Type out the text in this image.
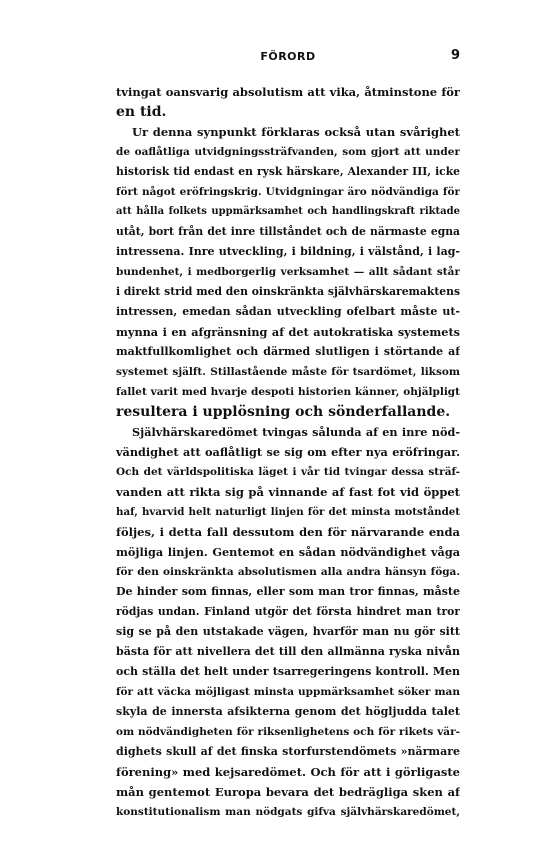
FÖRORD	9
tvingat oansvarig absolutism att vika, åtminstone för
en tid.
Ur denna synpunkt förklaras också utan svårighet
de oaflåtliga utvidgningssträfvanden, som gjort att under
historisk tid endast en rysk härskare, Alexander III, icke
fört något eröfringskrig. Utvidgningar äro nödvändiga för
att hålla folkets uppmärksamhet och handlingskraft riktade
utåt, bort från det inre tillståndet och de närmaste egna
intressena. Inre utveckling, i bildning, i välstånd, i lag-
bundenhet, i medborgerlig verksamhet — allt sådant står
i direkt strid med den oinskränkta självhärskaremaktens
intressen, emedan sådan utveckling ofelbart måste ut-
mynna i en afgränsning af det autokratiska systemets
maktfullkomlighet och därmed slutligen i störtande af
systemet själft. Stillastående måste för tsardömet, liksom
fallet varit med hvarje despoti historien känner, ohjälpligt
resultera i upplösning och sönderfallande.
Självhärskaredömet tvingas sålunda af en inre nöd-
vändighet att oaflåtligt se sig om efter nya eröfringar.
Och det världspolitiska läget i vår tid tvingar dessa sträf-
vanden att rikta sig på vinnande af fast fot vid öppet
haf, hvarvid helt naturligt linjen för det minsta motståndet
följes, i detta fall dessutom den för närvarande enda
möjliga linjen. Gentemot en sådan nödvändighet våga
för den oinskränkta absolutismen alla andra hänsyn föga.
De hinder som finnas, eller som man tror finnas, måste
rödjas undan. Finland utgör det första hindret man tror
sig se på den utstakade vägen, hvarför man nu gör sitt
bästa för att nivellera det till den allmänna ryska nivån
och ställa det helt under tsarregeringens kontroll. Men
för att väcka möjligast minsta uppmärksamhet söker man
skyla de innersta afsikterna genom det högljudda talet
om nödvändigheten för riksenlighetens och för rikets vär-
dighets skull af det finska storfurstendömets »närmare
förening» med kejsaredömet. Och för att i görligaste
mån gentemot Europa bevara det bedrägliga sken af
konstitutionalism man nödgats gifva självhärskaredömet,
